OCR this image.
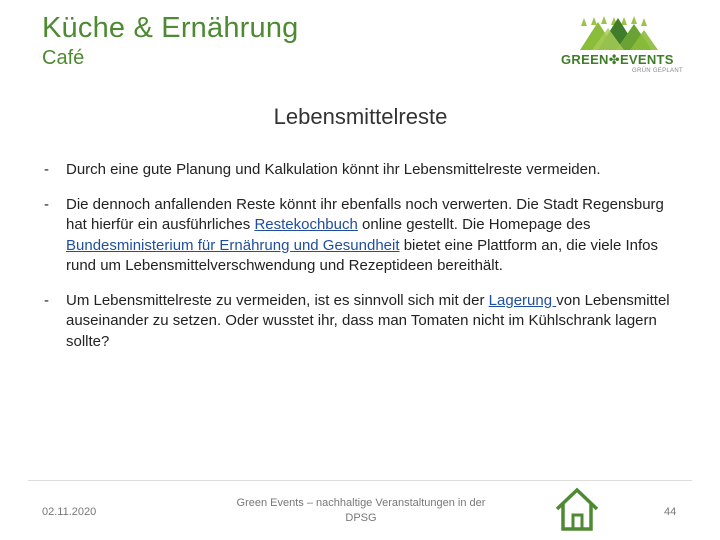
Küche & Ernährung
Café	GREEN✤EVENTS
GRÜN GEPLANT
Lebensmittelreste
- Durch eine gute Planung und Kalkulation könnt ihr Lebensmittelreste vermeiden.
- Die dennoch anfallenden Reste könnt ihr ebenfalls noch verwerten. Die Stadt Regensburg hat hierfür ein ausführliches Restekochbuch online gestellt. Die Homepage des Bundesministerium für Ernährung und Gesundheit bietet eine Plattform an, die viele Infos rund um Lebensmittelverschwendung und Rezeptideen bereithält.
- Um Lebensmittelreste zu vermeiden, ist es sinnvoll sich mit der Lagerung von Lebensmittel auseinander zu setzen. Oder wusstet ihr, dass man Tomaten nicht im Kühlschrank lagern sollte?
02.11.2020
Green Events – nachhaltige Veranstaltungen in der DPSG	44
